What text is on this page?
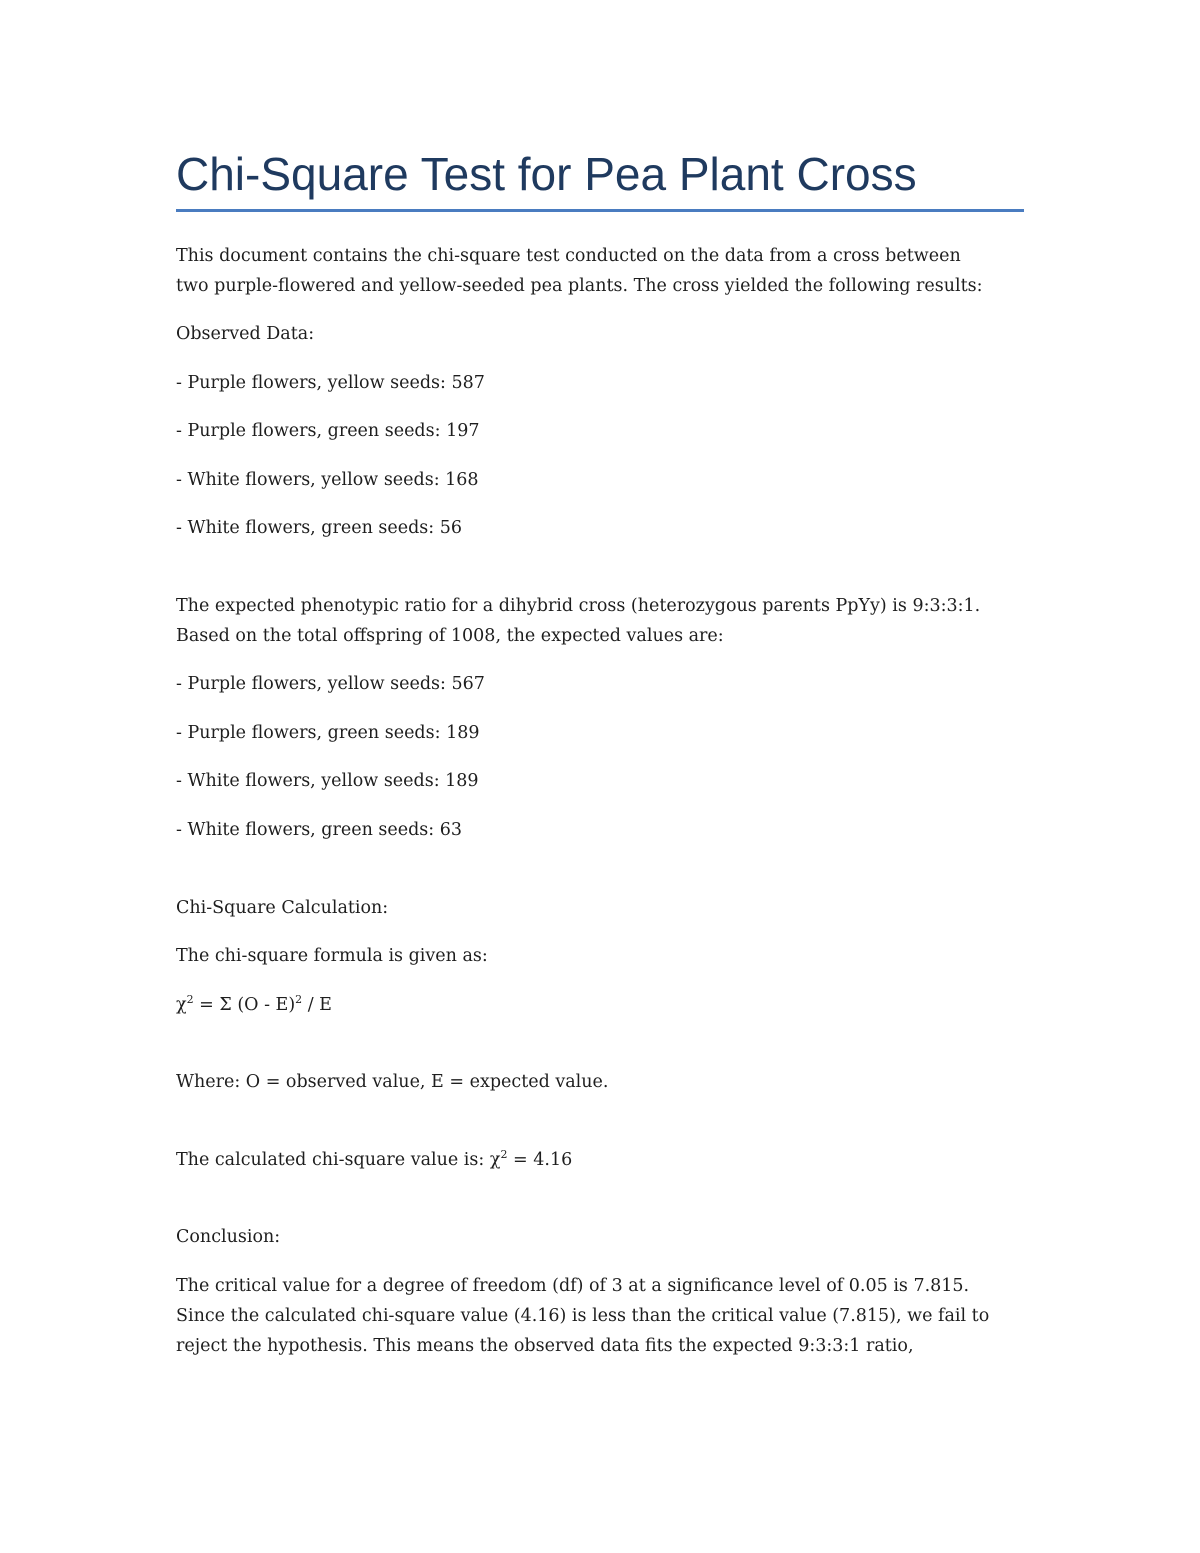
Chi-Square Test for Pea Plant Cross
This document contains the chi-square test conducted on the data from a cross between
two purple-flowered and yellow-seeded pea plants. The cross yielded the following results:
Observed Data:
- Purple flowers, yellow seeds: 587
- Purple flowers, green seeds: 197
- White flowers, yellow seeds: 168
- White flowers, green seeds: 56
The expected phenotypic ratio for a dihybrid cross (heterozygous parents PpYy) is 9:3:3:1.
Based on the total offspring of 1008, the expected values are:
- Purple flowers, yellow seeds: 567
- Purple flowers, green seeds: 189
- White flowers, yellow seeds: 189
- White flowers, green seeds: 63
Chi-Square Calculation:
The chi-square formula is given as:
$\chi^2 = \Sigma$ (O - E)$^2$ / E
Where: O = observed value, E = expected value.
The calculated chi-square value is: $\chi^2 = 4.16$
Conclusion:
The critical value for a degree of freedom (df) of 3 at a significance level of 0.05 is 7.815.
Since the calculated chi-square value (4.16) is less than the critical value (7.815), we fail to
reject the hypothesis. This means the observed data fits the expected 9:3:3:1 ratio,
